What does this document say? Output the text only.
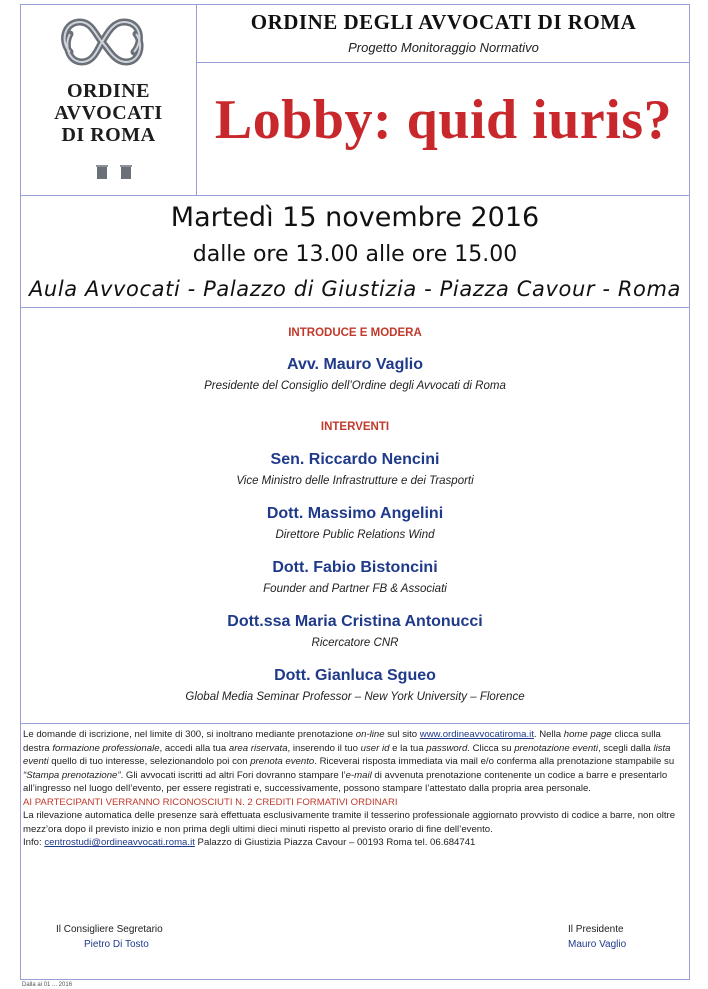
ORDINE
AVVOCATI
DI ROMA
ORDINE DEGLI AVVOCATI DI ROMA
Progetto Monitoraggio Normativo
Lobby: quid iuris?
Martedì 15 novembre 2016
dalle ore 13.00 alle ore 15.00
Aula Avvocati - Palazzo di Giustizia - Piazza Cavour - Roma
INTRODUCE E MODERA
Avv. Mauro Vaglio
Presidente del Consiglio dell’Ordine degli Avvocati di Roma
INTERVENTI
Sen. Riccardo Nencini
Vice Ministro delle Infrastrutture e dei Trasporti
Dott. Massimo Angelini
Direttore Public Relations Wind
Dott. Fabio Bistoncini
Founder and Partner FB & Associati
Dott.ssa Maria Cristina Antonucci
Ricercatore CNR
Dott. Gianluca Sgueo
Global Media Seminar Professor – New York University – Florence

Le domande di iscrizione, nel limite di 300, si inoltrano mediante prenotazione on-line sul sito www.ordineavvocatiroma.it. Nella home page clicca sulla destra formazione professionale, accedi alla tua area riservata, inserendo il tuo user id e la tua password. Clicca su prenotazione eventi, scegli dalla lista eventi quello di tuo interesse, selezionandolo poi con prenota evento. Riceverai risposta immediata via mail e/o conferma alla prenotazione stampabile su “Stampa prenotazione”. Gli avvocati iscritti ad altri Fori dovranno stampare l’e-mail di avvenuta prenotazione contenente un codice a barre e presentarlo all’ingresso nel luogo dell’evento, per essere registrati e, successivamente, possono stampare l’attestato dalla propria area personale.

AI PARTECIPANTI VERRANNO RICONOSCIUTI N. 2 CREDITI FORMATIVI ORDINARI

La rilevazione automatica delle presenze sarà effettuata esclusivamente tramite il tesserino professionale aggiornato provvisto di codice a barre, non oltre mezz’ora dopo il previsto inizio e non prima degli ultimi dieci minuti rispetto al previsto orario di fine dell’evento.

Info: centrostudi@ordineavvocati.roma.it Palazzo di Giustizia Piazza Cavour – 00193 Roma tel. 06.684741

Il Consigliere Segretario
Pietro Di Tosto
Il Presidente
Mauro Vaglio
Dalla ai 01 ... 2016
